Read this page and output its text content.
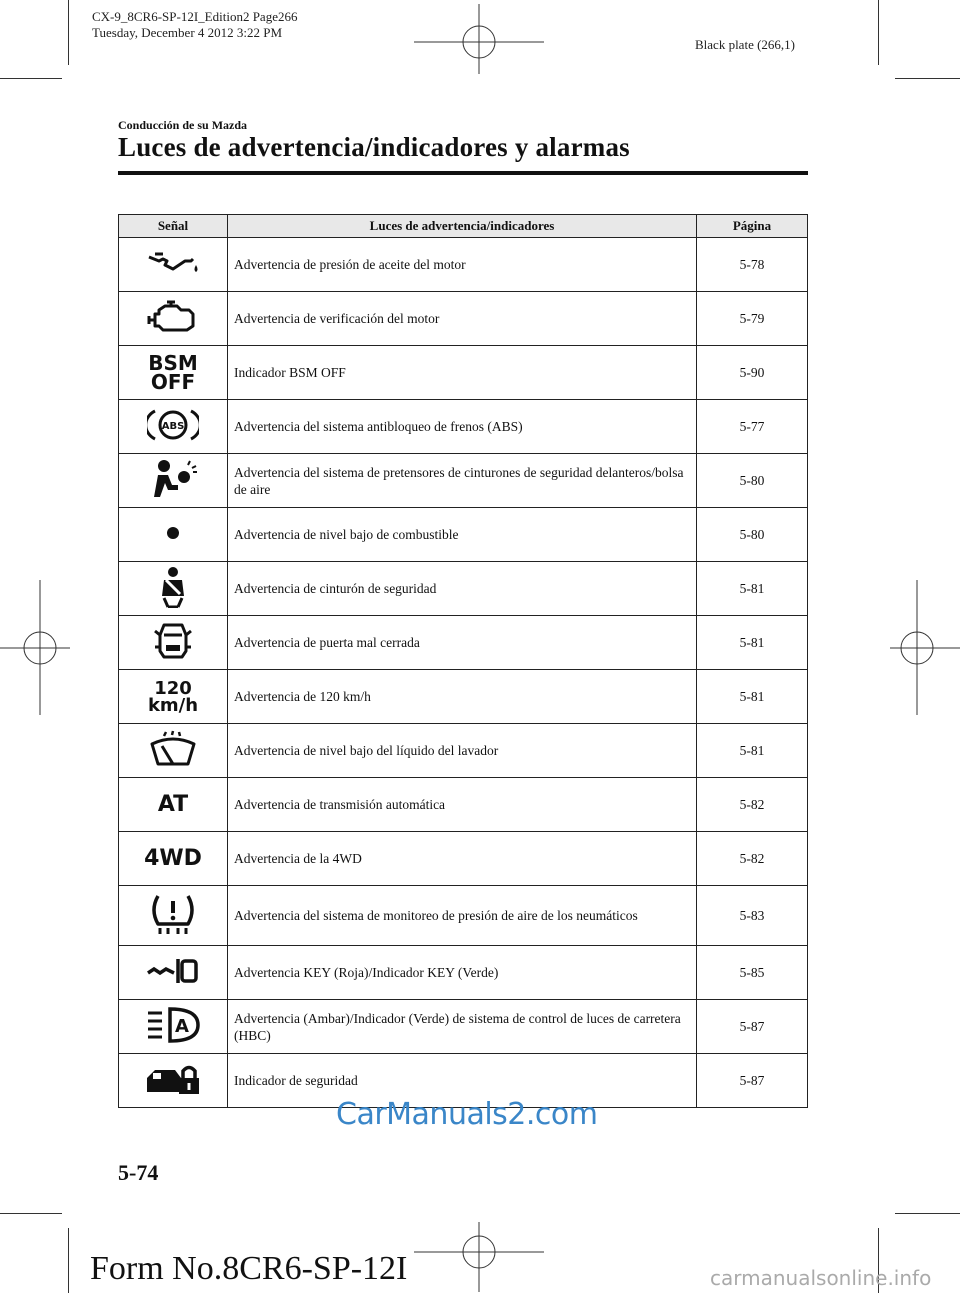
CX-9_8CR6-SP-12I_Edition2 Page266
Tuesday, December 4 2012 3:22 PM
Black plate (266,1)
Conducción de su Mazda
Luces de advertencia/indicadores y alarmas
Señal	Luces de advertencia/indicadores	Página

	Advertencia de presión de aceite del motor	5-78

	Advertencia de verificación del motor	5-79
BSM
OFF	Indicador BSM OFF	5-90

ABS	Advertencia del sistema antibloqueo de frenos (ABS)	5-77

	Advertencia del sistema de pretensores de cinturones de seguridad delanteros/bolsa de aire	5-80

	Advertencia de nivel bajo de combustible	5-80

	Advertencia de cinturón de seguridad	5-81

	Advertencia de puerta mal cerrada	5-81
120
km/h	Advertencia de 120 km/h	5-81

	Advertencia de nivel bajo del líquido del lavador	5-81
AT	Advertencia de transmisión automática	5-82
4WD	Advertencia de la 4WD	5-82

	Advertencia del sistema de monitoreo de presión de aire de los neumáticos	5-83

	Advertencia KEY (Roja)/Indicador KEY (Verde)	5-85

A	Advertencia (Ambar)/Indicador (Verde) de sistema de control de luces de carretera (HBC)	5-87

	Indicador de seguridad	5-87
CarManuals2.com
5-74
Form No.8CR6-SP-12I	carmanualsonline.info
